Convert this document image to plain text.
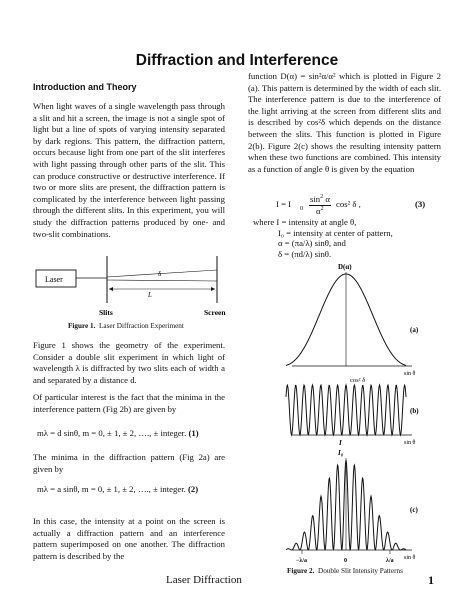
Diffraction and Interference
Introduction and Theory

When light waves of a single wavelength pass through a slit and hit a screen, the image is not a single spot of light but a line of spots of varying intensity separated by dark regions. This pattern, the diffraction pattern, occurs because light from one part of the slit interferes with light passing through other parts of the slit. This can produce constructive or destructive interference. If two or more slits are present, the diffraction pattern is complicated by the interference between light passing through the different slits. In this experiment, you will study the diffraction patterns produced by one- and two-slit combinations.

Laser
δ
L
Slits	Screen
Figure 1. Laser Diffraction Experiment

Figure 1 shows the geometry of the experiment. Consider a double slit experiment in which light of wavelength λ is diffracted by two slits each of width a and separated by a distance d.

Of particular interest is the fact that the minima in the interference pattern (Fig 2b) are given by

mλ = d sinθ, m = 0, ± 1, ± 2, …., ± integer. (1)

The minima in the diffraction pattern (Fig 2a) are given by

mλ = a sinθ, m = 0, ± 1, ± 2, …., ± integer. (2)

In this case, the intensity at a point on the screen is actually a diffraction pattern and an interference pattern superimposed on one another. The diffraction pattern is described by the

function D(α) = sin²α/α² which is plotted in Figure 2 (a). This pattern is determined by the width of each slit. The interference pattern is due to the interference of the light arriving at the screen from different slits and is described by cos²δ which depends on the distance between the slits. This function is plotted in Figure 2(b). Figure 2(c) shows the resulting intensity pattern when these two functions are combined. This intensity as a function of angle θ is given by the equation

I = I 0
$\sin^2 \alpha$
$\alpha^2$ cos² δ ,	(3)
where I = intensity at angle θ,
I₀ = intensity at center of pattern,
α = (πa/λ) sinθ, and
δ = (πd/λ) sinθ.
D(α)
(a)
sin θ
cos² δ
(b)
sin θ
I
I₀
(c)
sin θ
−λ/a	0	λ/a
Figure 2. Double Slit Intensity Patterns
Laser Diffraction	1
